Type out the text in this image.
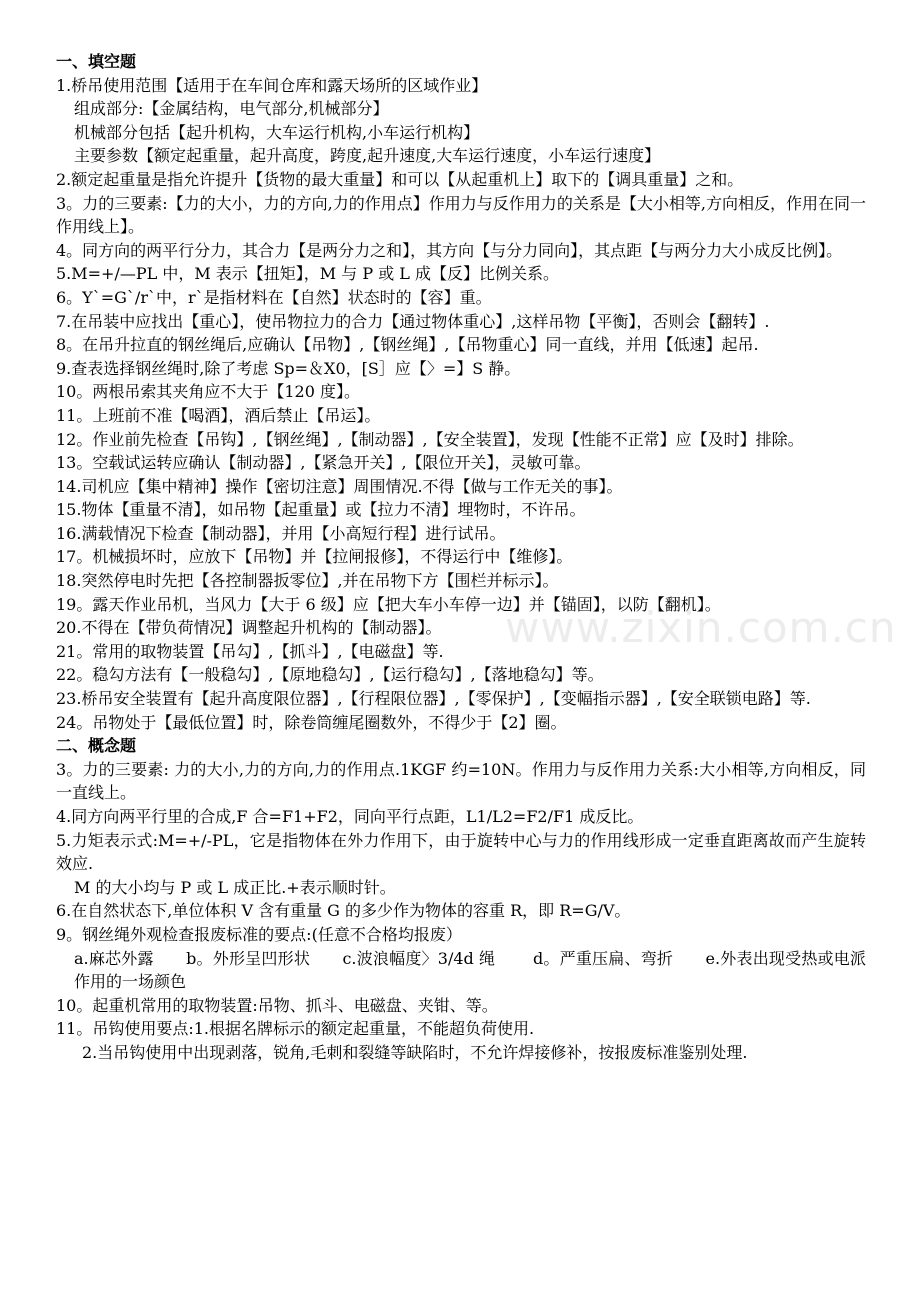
www.zixin.com.cn

一、填空题

1.桥吊使用范围【适用于在车间仓库和露天场所的区域作业】

组成部分:【金属结构，电气部分,机械部分】

机械部分包括【起升机构，大车运行机构,小车运行机构】

主要参数【额定起重量，起升高度，跨度,起升速度,大车运行速度，小车运行速度】

2.额定起重量是指允许提升【货物的最大重量】和可以【从起重机上】取下的【调具重量】之和。

3。力的三要素:【力的大小，力的方向,力的作用点】作用力与反作用力的关系是【大小相等,方向相反，作用在同一作用线上】。

4。同方向的两平行分力，其合力【是两分力之和】，其方向【与分力同向】，其点距【与两分力大小成反比例】。

5.M=+/—PL 中，M 表示【扭矩】，M 与 P 或 L 成【反】比例关系。

6。Y`=G`/r`中，r`是指材料在【自然】状态时的【容】重。

7.在吊装中应找出【重心】，使吊物拉力的合力【通过物体重心】,这样吊物【平衡】，否则会【翻转】.

8。在吊升拉直的钢丝绳后,应确认【吊物】,【钢丝绳】,【吊物重心】同一直线，并用【低速】起吊.

9.查表选择钢丝绳时,除了考虑 Sp=＆X0，[S］应【〉=】S 静。

10。两根吊索其夹角应不大于【120 度】。

11。上班前不准【喝酒】，酒后禁止【吊运】。

12。作业前先检查【吊钩】,【钢丝绳】,【制动器】,【安全装置】，发现【性能不正常】应【及时】排除。

13。空载试运转应确认【制动器】,【紧急开关】,【限位开关】，灵敏可靠。

14.司机应【集中精神】操作【密切注意】周围情况.不得【做与工作无关的事】。

15.物体【重量不清】，如吊物【起重量】或【拉力不清】埋物时，不许吊。

16.满载情况下检查【制动器】，并用【小高短行程】进行试吊。

17。机械损坏时，应放下【吊物】并【拉闸报修】，不得运行中【维修】。

18.突然停电时先把【各控制器扳零位】,并在吊物下方【围栏并标示】。

19。露天作业吊机，当风力【大于 6 级】应【把大车小车停一边】并【锚固】，以防【翻机】。

20.不得在【带负荷情况】调整起升机构的【制动器】。

21。常用的取物装置【吊勾】,【抓斗】,【电磁盘】等.

22。稳勾方法有【一般稳勾】,【原地稳勾】,【运行稳勾】,【落地稳勾】等。

23.桥吊安全装置有【起升高度限位器】,【行程限位器】,【零保护】,【变幅指示器】,【安全联锁电路】等.

24。吊物处于【最低位置】时，除卷筒缠尾圈数外，不得少于【2】圈。

二、概念题

3。力的三要素: 力的大小,力的方向,力的作用点.1KGF 约=10N。作用力与反作用力关系:大小相等,方向相反，同一直线上。

4.同方向两平行里的合成,F 合=F1+F2，同向平行点距，L1/L2=F2/F1 成反比。

5.力矩表示式:M=+/-PL，它是指物体在外力作用下，由于旋转中心与力的作用线形成一定垂直距离故而产生旋转效应.

M 的大小均与 P 或 L 成正比.+表示顺时针。

6.在自然状态下,单位体积 V 含有重量 G 的多少作为物体的容重 R，即 R=G/V。

9。钢丝绳外观检查报废标准的要点:(任意不合格均报废）

a.麻芯外露　　b。外形呈凹形状　　c.波浪幅度〉3/4d 绳　　 d。严重压扁、弯折　　e.外表出现受热或电派作用的一场颜色

10。起重机常用的取物装置:吊物、抓斗、电磁盘、夹钳、等。

11。吊钩使用要点:1.根据名牌标示的额定起重量，不能超负荷使用.

2.当吊钩使用中出现剥落，锐角,毛刺和裂缝等缺陷时，不允许焊接修补，按报废标准鉴别处理.
